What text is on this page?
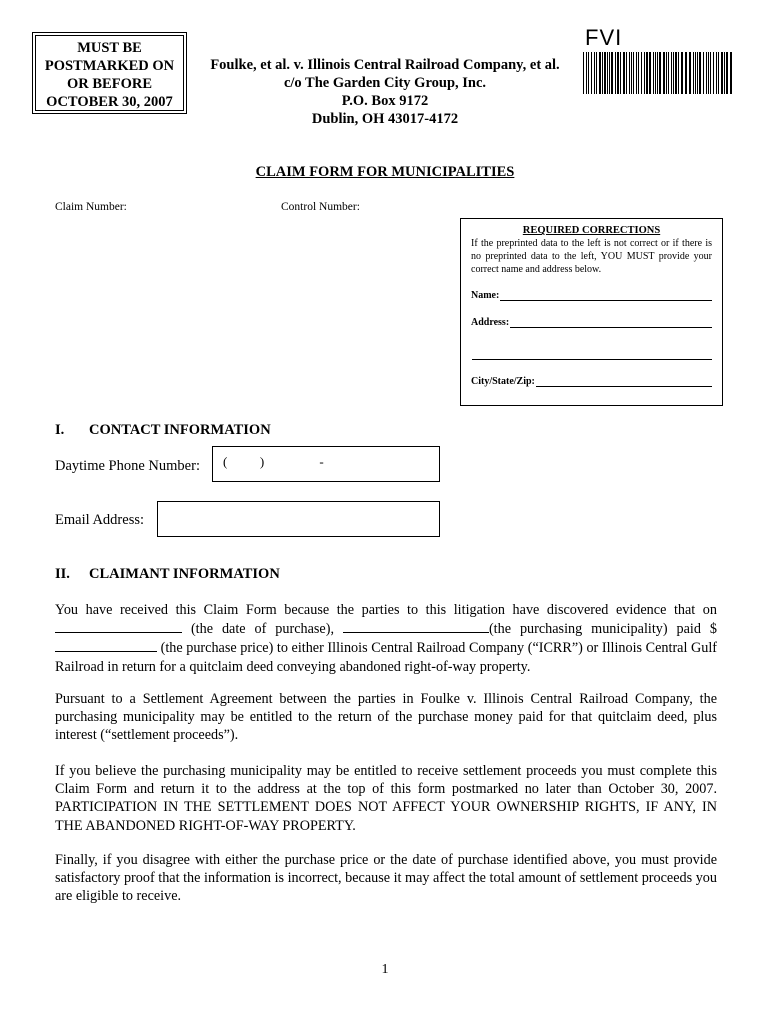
MUST BE
POSTMARKED ON
OR BEFORE
OCTOBER 30, 2007
Foulke, et al. v. Illinois Central Railroad Company, et al.
c/o The Garden City Group, Inc.
P.O. Box 9172
Dublin, OH 43017-4172
FVI
CLAIM FORM FOR MUNICIPALITIES
Claim Number:	Control Number:
REQUIRED CORRECTIONS
If the preprinted data to the left is not correct or if there is no preprinted data to the left, YOU MUST provide your correct name and address below.
Name:
Address:
City/State/Zip:
I. CONTACT INFORMATION
Daytime Phone Number: (          )                 -
Email Address:
II. CLAIMANT INFORMATION
You have received this Claim Form because the parties to this litigation have discovered evidence that on  (the date of purchase),	(the purchasing municipality) paid $ (the purchase price) to either Illinois Central Railroad Company (“ICRR”) or Illinois Central Gulf Railroad in return for a quitclaim deed conveying abandoned right-of-way property.
Pursuant to a Settlement Agreement between the parties in Foulke v. Illinois Central Railroad Company, the purchasing municipality may be entitled to the return of the purchase money paid for that quitclaim deed, plus interest (“settlement proceeds”).
If you believe the purchasing municipality may be entitled to receive settlement proceeds you must complete this Claim Form and return it to the address at the top of this form postmarked no later than October 30, 2007. PARTICIPATION IN THE SETTLEMENT DOES NOT AFFECT YOUR OWNERSHIP RIGHTS, IF ANY, IN THE ABANDONED RIGHT-OF-WAY PROPERTY.
Finally, if you disagree with either the purchase price or the date of purchase identified above, you must provide satisfactory proof that the information is incorrect, because it may affect the total amount of settlement proceeds you are eligible to receive.
1
